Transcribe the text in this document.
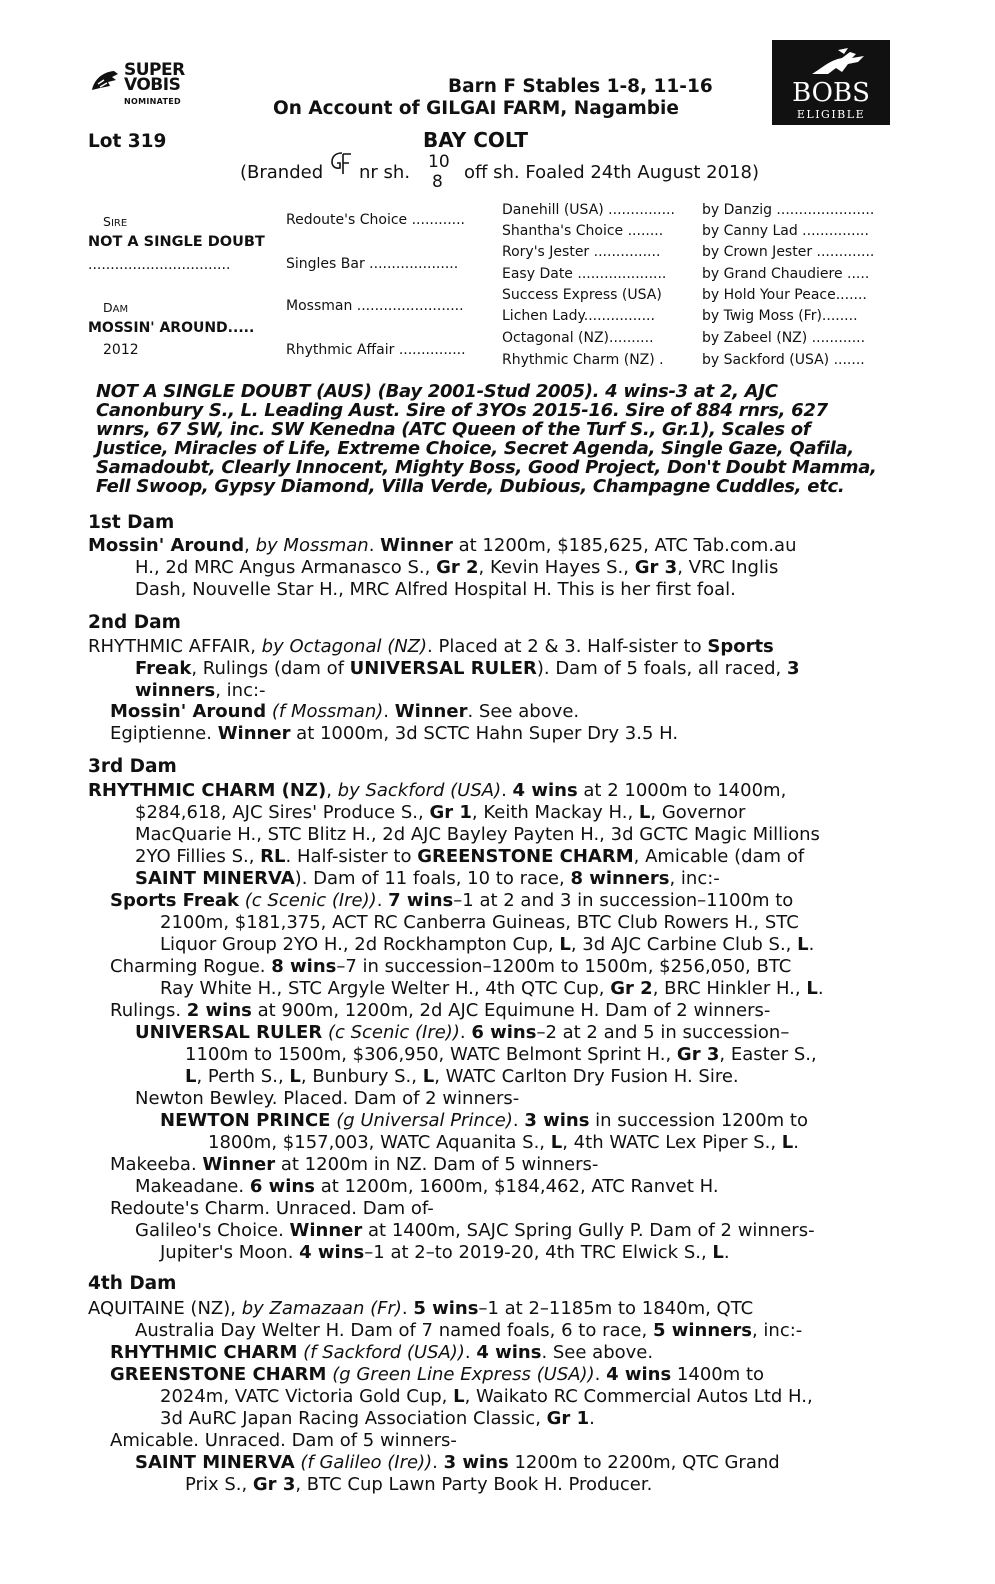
SUPER
VOBIS
NOMINATED	BOBS
ELIGIBLE
Barn F Stables 1-8, 11-16
On Account of GILGAI FARM, Nagambie
Lot 319	BAY COLT
(Branded nr sh. 10
8 off sh. Foaled 24th August 2018)
SIRE
NOT A SINGLE DOUBT
................................
DAM
MOSSIN' AROUND.....
2012
Redoute's Choice ............
Singles Bar ....................
Mossman ........................
Rhythmic Affair ...............
Danehill (USA) ...............
Shantha's Choice ........
Rory's Jester ...............
Easy Date ....................
Success Express (USA)
Lichen Lady................
Octagonal (NZ)..........
Rhythmic Charm (NZ) .
by Danzig ......................
by Canny Lad ...............
by Crown Jester .............
by Grand Chaudiere .....
by Hold Your Peace.......
by Twig Moss (Fr)........
by Zabeel (NZ) ............
by Sackford (USA) .......
NOT A SINGLE DOUBT (AUS) (Bay 2001-Stud 2005). 4 wins-3 at 2, AJC
Canonbury S., L. Leading Aust. Sire of 3YOs 2015-16. Sire of 884 rnrs, 627
wnrs, 67 SW, inc. SW Kenedna (ATC Queen of the Turf S., Gr.1), Scales of
Justice, Miracles of Life, Extreme Choice, Secret Agenda, Single Gaze, Qafila,
Samadoubt, Clearly Innocent, Mighty Boss, Good Project, Don't Doubt Mamma,
Fell Swoop, Gypsy Diamond, Villa Verde, Dubious, Champagne Cuddles, etc.
1st Dam
2nd Dam
3rd Dam
4th Dam
Mossin' Around, by Mossman. Winner at 1200m, $185,625, ATC Tab.com.au
H., 2d MRC Angus Armanasco S., Gr 2, Kevin Hayes S., Gr 3, VRC Inglis
Dash, Nouvelle Star H., MRC Alfred Hospital H. This is her first foal.
RHYTHMIC AFFAIR, by Octagonal (NZ). Placed at 2 & 3. Half-sister to Sports
Freak, Rulings (dam of UNIVERSAL RULER). Dam of 5 foals, all raced, 3
winners, inc:-
Mossin' Around (f Mossman). Winner. See above.
Egiptienne. Winner at 1000m, 3d SCTC Hahn Super Dry 3.5 H.
RHYTHMIC CHARM (NZ), by Sackford (USA). 4 wins at 2 1000m to 1400m,
$284,618, AJC Sires' Produce S., Gr 1, Keith Mackay H., L, Governor
MacQuarie H., STC Blitz H., 2d AJC Bayley Payten H., 3d GCTC Magic Millions
2YO Fillies S., RL. Half-sister to GREENSTONE CHARM, Amicable (dam of
SAINT MINERVA). Dam of 11 foals, 10 to race, 8 winners, inc:-
Sports Freak (c Scenic (Ire)). 7 wins–1 at 2 and 3 in succession–1100m to
2100m, $181,375, ACT RC Canberra Guineas, BTC Club Rowers H., STC
Liquor Group 2YO H., 2d Rockhampton Cup, L, 3d AJC Carbine Club S., L.
Charming Rogue. 8 wins–7 in succession–1200m to 1500m, $256,050, BTC
Ray White H., STC Argyle Welter H., 4th QTC Cup, Gr 2, BRC Hinkler H., L.
Rulings. 2 wins at 900m, 1200m, 2d AJC Equimune H. Dam of 2 winners-
UNIVERSAL RULER (c Scenic (Ire)). 6 wins–2 at 2 and 5 in succession–
1100m to 1500m, $306,950, WATC Belmont Sprint H., Gr 3, Easter S.,
L, Perth S., L, Bunbury S., L, WATC Carlton Dry Fusion H. Sire.
Newton Bewley. Placed. Dam of 2 winners-
NEWTON PRINCE (g Universal Prince). 3 wins in succession 1200m to
1800m, $157,003, WATC Aquanita S., L, 4th WATC Lex Piper S., L.
Makeeba. Winner at 1200m in NZ. Dam of 5 winners-
Makeadane. 6 wins at 1200m, 1600m, $184,462, ATC Ranvet H.
Redoute's Charm. Unraced. Dam of-
Galileo's Choice. Winner at 1400m, SAJC Spring Gully P. Dam of 2 winners-
Jupiter's Moon. 4 wins–1 at 2–to 2019-20, 4th TRC Elwick S., L.
AQUITAINE (NZ), by Zamazaan (Fr). 5 wins–1 at 2–1185m to 1840m, QTC
Australia Day Welter H. Dam of 7 named foals, 6 to race, 5 winners, inc:-
RHYTHMIC CHARM (f Sackford (USA)). 4 wins. See above.
GREENSTONE CHARM (g Green Line Express (USA)). 4 wins 1400m to
2024m, VATC Victoria Gold Cup, L, Waikato RC Commercial Autos Ltd H.,
3d AuRC Japan Racing Association Classic, Gr 1.
Amicable. Unraced. Dam of 5 winners-
SAINT MINERVA (f Galileo (Ire)). 3 wins 1200m to 2200m, QTC Grand
Prix S., Gr 3, BTC Cup Lawn Party Book H. Producer.
